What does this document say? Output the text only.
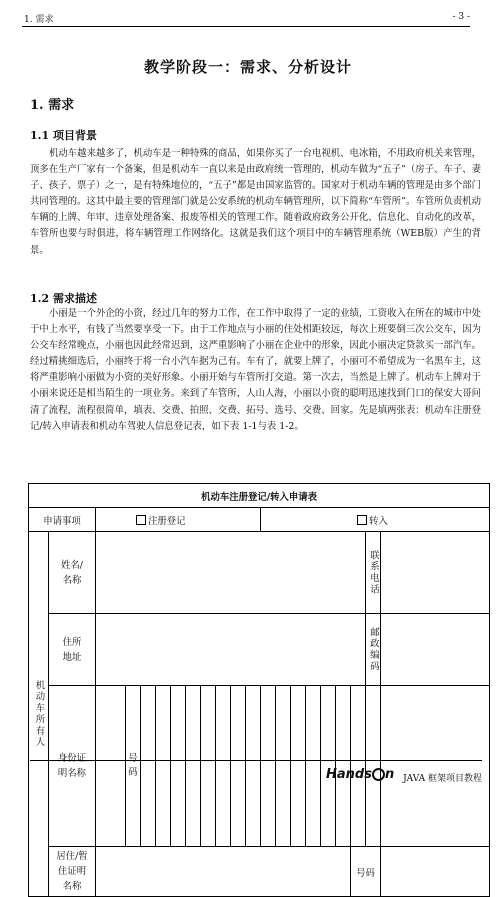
1. 需求	- 3 -
教学阶段一：需求、分析设计
1. 需求
1.1 项目背景

机动车越来越多了，机动车是一种特殊的商品，如果你买了一台电视机、电冰箱，不用政府机关来管理，顶多在生产厂家有一个备案，但是机动车一直以来是由政府统一管理的，机动车做为“五子”（房子、车子、妻子、孩子、票子）之一，是有特殊地位的，“五子”都是由国家监管的。国家对于机动车辆的管理是由多个部门共同管理的。这其中最主要的管理部门就是公安系统的机动车辆管理所，以下简称“车管所”。车管所负责机动车辆的上牌、年审、违章处理备案、报废等相关的管理工作。随着政府政务公开化、信息化、自动化的改革，车管所也要与时俱进，将车辆管理工作网络化。这就是我们这个项目中的车辆管理系统（WEB版）产生的背景。

1.2 需求描述

小丽是一个外企的小资，经过几年的努力工作，在工作中取得了一定的业绩，工资收入在所在的城市中处于中上水平，有钱了当然要享受一下。由于工作地点与小丽的住处相距较远，每次上班要倒三次公交车，因为公交车经常晚点，小丽也因此经常迟到，这严重影响了小丽在企业中的形象，因此小丽决定贷款买一部汽车。经过精挑细选后，小丽终于将一台小汽车据为己有。车有了，就要上牌了，小丽可不希望成为一名黑车主，这将严重影响小丽做为小资的美好形象。小丽开始与车管所打交道。第一次去，当然是上牌了。机动车上牌对于小丽来说还是相当陌生的一项业务。来到了车管所，人山人海，小丽以小资的聪明迅速找到门口的保安大哥问清了流程，流程很简单，填表、交费、拍照、交费、拓号、选号、交费、回家。先是填两张表：机动车注册登记/转入申请表和机动车驾驶人信息登记表，如下表 1-1与表 1-2。

机动车注册登记/转入申请表																					
申请事项		注册登记										转入									

机动车所有人	姓名/名称																		联系电话		

	住所地址																		邮政编码		

	身份证明名称		号码

	居住/暂住证明名称																	号码			
Hands n JAVA 框架项目教程
